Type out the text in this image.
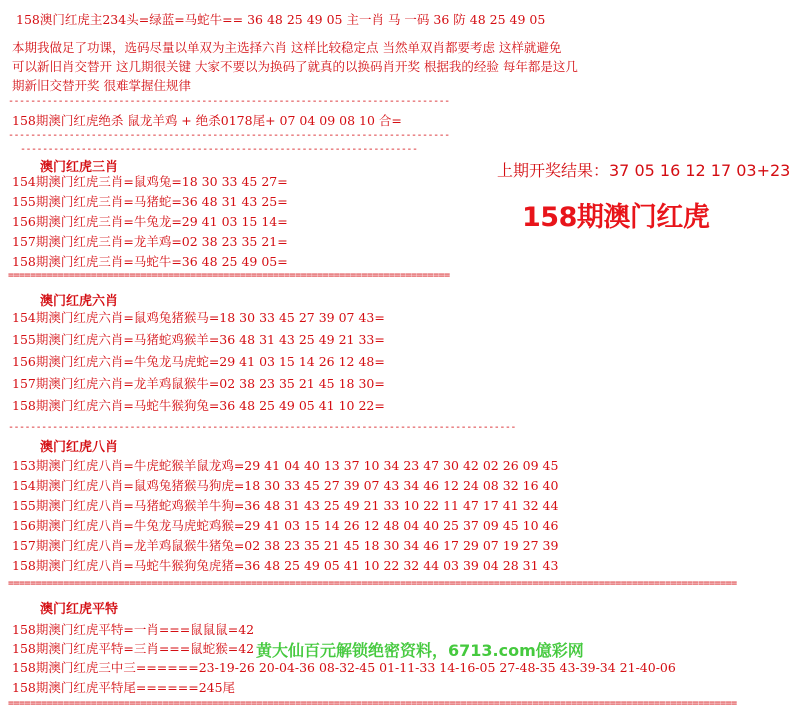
158澳门红虎主234头=绿蓝=马蛇牛== 36 48 25 49 05 主一肖 马 一码 36 防 48 25 49 05
本期我做足了功课，选码尽量以单双为主选择六肖 这样比较稳定点 当然单双肖都要考虑 这样就避免
可以新旧肖交替开 这几期很关键 大家不要以为换码了就真的以换码肖开奖 根据我的经验 每年都是这几
期新旧交替开奖 很难掌握住规律
--------------------------------------------------------------------------------
158期澳门红虎绝杀 鼠龙羊鸡 + 绝杀0178尾+ 07 04 09 08 10 合=
--------------------------------------------------------------------------------
------------------------------------------------------------------------
上期开奖结果：37 05 16 12 17 03+23
158期澳门红虎
澳门红虎三肖
154期澳门红虎三肖=鼠鸡兔=18 30 33 45 27=
155期澳门红虎三肖=马猪蛇=36 48 31 43 25=
156期澳门红虎三肖=牛兔龙=29 41 03 15 14=
157期澳门红虎三肖=龙羊鸡=02 38 23 35 21=
158期澳门红虎三肖=马蛇牛=36 48 25 49 05=
================================================================================
澳门红虎六肖
154期澳门红虎六肖=鼠鸡兔猪猴马=18 30 33 45 27 39 07 43=
155期澳门红虎六肖=马猪蛇鸡猴羊=36 48 31 43 25 49 21 33=
156期澳门红虎六肖=牛兔龙马虎蛇=29 41 03 15 14 26 12 48=
157期澳门红虎六肖=龙羊鸡鼠猴牛=02 38 23 35 21 45 18 30=
158期澳门红虎六肖=马蛇牛猴狗兔=36 48 25 49 05 41 10 22=
--------------------------------------------------------------------------------------------
澳门红虎八肖
153期澳门红虎八肖=牛虎蛇猴羊鼠龙鸡=29 41 04 40 13 37 10 34 23 47 30 42 02 26 09 45
154期澳门红虎八肖=鼠鸡兔猪猴马狗虎=18 30 33 45 27 39 07 43 34 46 12 24 08 32 16 40
155期澳门红虎八肖=马猪蛇鸡猴羊牛狗=36 48 31 43 25 49 21 33 10 22 11 47 17 41 32 44
156期澳门红虎八肖=牛兔龙马虎蛇鸡猴=29 41 03 15 14 26 12 48 04 40 25 37 09 45 10 46
157期澳门红虎八肖=龙羊鸡鼠猴牛猪兔=02 38 23 35 21 45 18 30 34 46 17 29 07 19 27 39
158期澳门红虎八肖=马蛇牛猴狗兔虎猪=36 48 25 49 05 41 10 22 32 44 03 39 04 28 31 43
====================================================================================================================================
澳门红虎平特
158期澳门红虎平特=一肖===鼠鼠鼠=42
158期澳门红虎平特=三肖===鼠蛇猴=42
158期澳门红虎三中三======23-19-26 20-04-36 08-32-45 01-11-33 14-16-05 27-48-35 43-39-34 21-40-06
158期澳门红虎平特尾======245尾
====================================================================================================================================
黄大仙百元解锁绝密资料，6713.com億彩网
